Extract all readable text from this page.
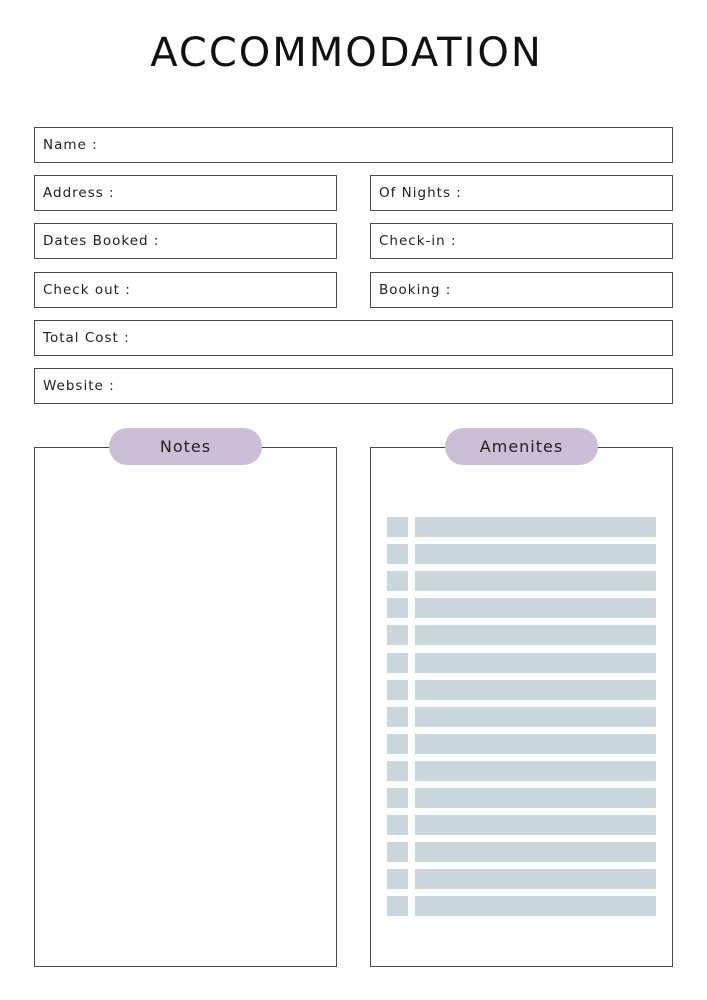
ACCOMMODATION
Name :
Address :	Of Nights :
Dates Booked :	Check-in :
Check out :	Booking :
Total Cost :
Website :
Notes	Amenites
